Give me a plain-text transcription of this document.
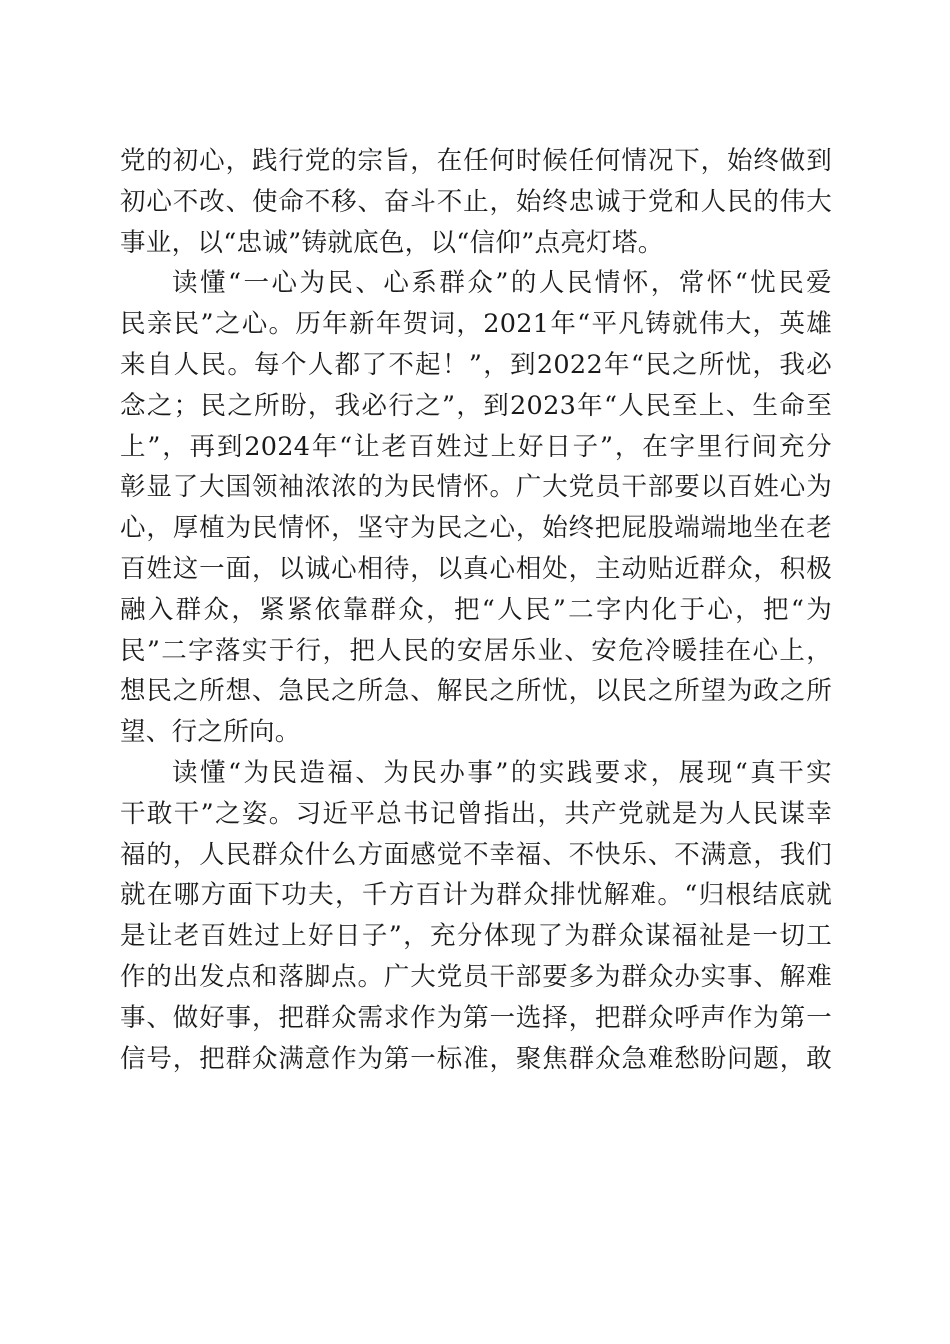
党的初心，践行党的宗旨，在任何时候任何情况下，始终做到
初心不改、使命不移、奋斗不止，始终忠诚于党和人民的伟大
事业，以“忠诚”铸就底色，以“信仰”点亮灯塔。
读懂“一心为民、心系群众”的人民情怀，常怀“忧民爱
民亲民”之心。历年新年贺词，2021年“平凡铸就伟大，英雄
来自人民。每个人都了不起！”，到2022年“民之所忧，我必
念之；民之所盼，我必行之”，到2023年“人民至上、生命至
上”，再到2024年“让老百姓过上好日子”，在字里行间充分
彰显了大国领袖浓浓的为民情怀。广大党员干部要以百姓心为
心，厚植为民情怀，坚守为民之心，始终把屁股端端地坐在老
百姓这一面，以诚心相待，以真心相处，主动贴近群众，积极
融入群众，紧紧依靠群众，把“人民”二字内化于心，把“为
民”二字落实于行，把人民的安居乐业、安危冷暖挂在心上，
想民之所想、急民之所急、解民之所忧，以民之所望为政之所
望、行之所向。
读懂“为民造福、为民办事”的实践要求，展现“真干实
干敢干”之姿。习近平总书记曾指出，共产党就是为人民谋幸
福的，人民群众什么方面感觉不幸福、不快乐、不满意，我们
就在哪方面下功夫，千方百计为群众排忧解难。“归根结底就
是让老百姓过上好日子”，充分体现了为群众谋福祉是一切工
作的出发点和落脚点。广大党员干部要多为群众办实事、解难
事、做好事，把群众需求作为第一选择，把群众呼声作为第一
信号，把群众满意作为第一标准，聚焦群众急难愁盼问题，敢
